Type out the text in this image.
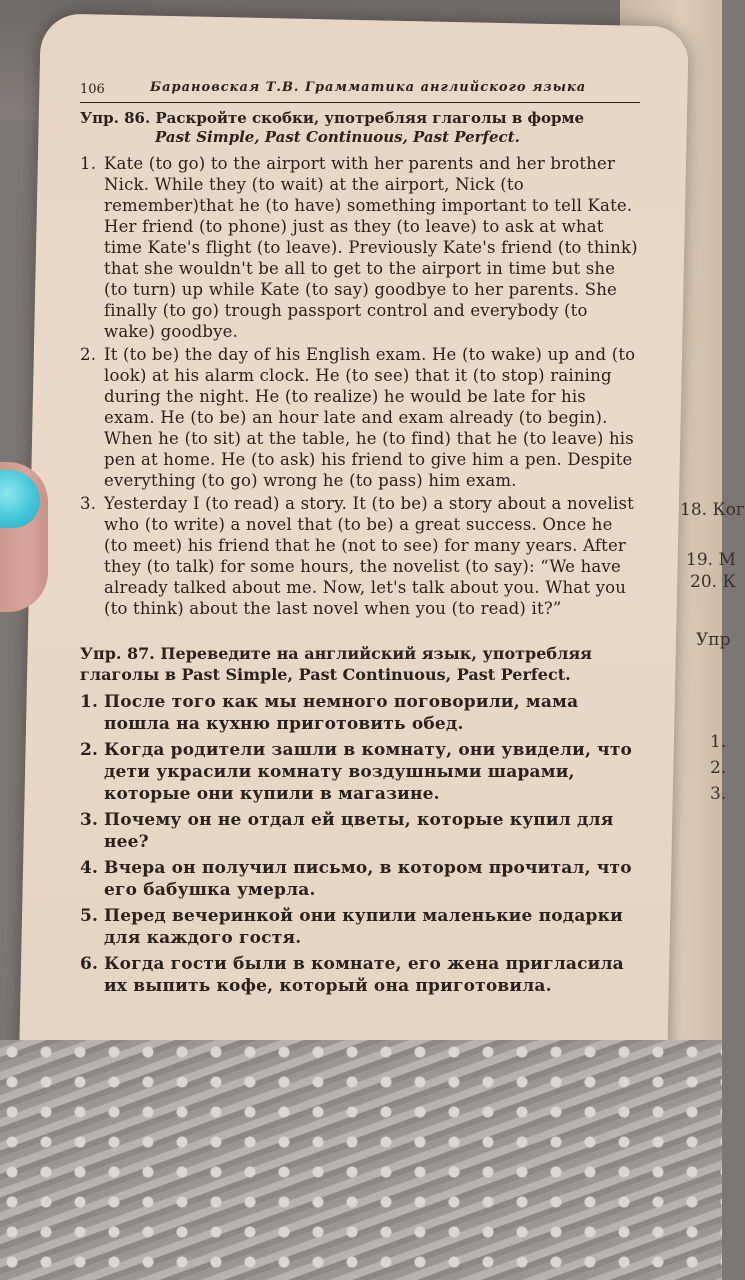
18. Ког
19. М
20. К
Упр
1.
2.
3.
106	Барановская Т.В. Грамматика английского языка
Упр. 86. Раскройте скобки, употребляя глаголы в форме
Past Simple, Past Continuous, Past Perfect.
1. Kate (to go) to the airport with her parents and her brother Nick. While they (to wait) at the airport, Nick (to remember)that he (to have) something important to tell Kate. Her friend (to phone) just as they (to leave) to ask at what time Kate's flight (to leave). Previously Kate's friend (to think) that she wouldn't be all to get to the airport in time but she (to turn) up while Kate (to say) goodbye to her parents. She finally (to go) trough passport control and everybody (to wake) goodbye.
2. It (to be) the day of his English exam. He (to wake) up and (to look) at his alarm clock. He (to see) that it (to stop) raining during the night. He (to realize) he would be late for his exam. He (to be) an hour late and exam already (to begin). When he (to sit) at the table, he (to find) that he (to leave) his pen at home. He (to ask) his friend to give him a pen. Despite everything (to go) wrong he (to pass) him exam.
3. Yesterday I (to read) a story. It (to be) a story about a novelist who (to write) a novel that (to be) a great success. Once he (to meet) his friend that he (not to see) for many years. After they (to talk) for some hours, the novelist (to say): “We have already talked about me. Now, let's talk about you. What you (to think) about the last novel when you (to read) it?”
Упр. 87. Переведите на английский язык, употребляя глаголы в Past Simple, Past Continuous, Past Perfect.
1. После того как мы немного поговорили, мама пошла на кухню приготовить обед.
2. Когда родители зашли в комнату, они увидели, что дети украсили комнату воздушными шарами, которые они купили в магазине.
3. Почему он не отдал ей цветы, которые купил для нее?
4. Вчера он получил письмо, в котором прочитал, что его бабушка умерла.
5. Перед вечеринкой они купили маленькие подарки для каждого гостя.
6. Когда гости были в комнате, его жена пригласила их выпить кофе, который она приготовила.
